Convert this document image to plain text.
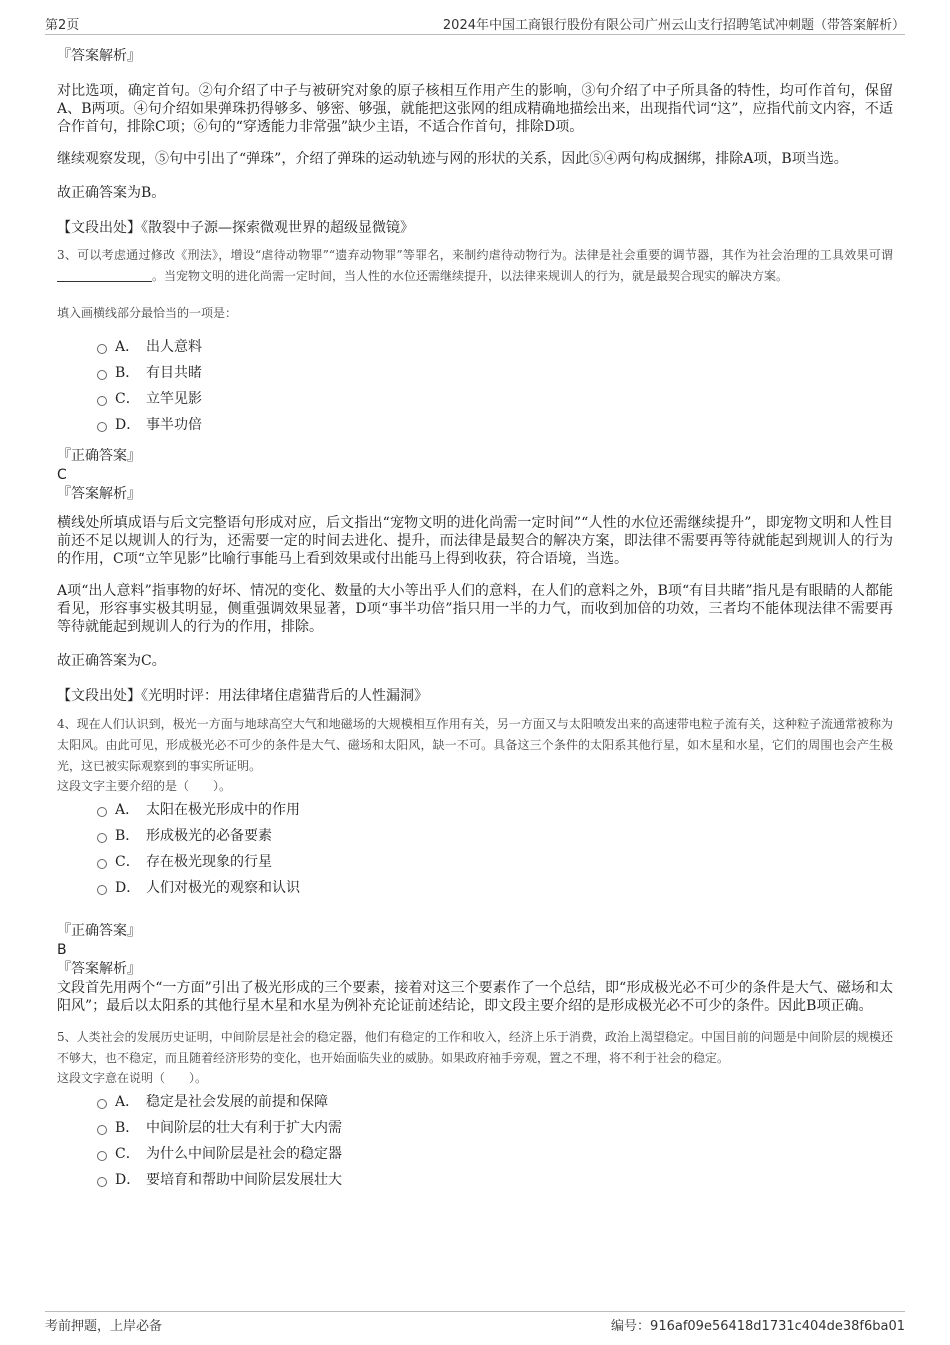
第2页	2024年中国工商银行股份有限公司广州云山支行招聘笔试冲刺题（带答案解析）

『答案解析』

对比选项，确定首句。②句介绍了中子与被研究对象的原子核相互作用产生的影响，③句介绍了中子所具备的特性，均可作首句，保留A、B两项。④句介绍如果弹珠扔得够多、够密、够强，就能把这张网的组成精确地描绘出来，出现指代词“这”，应指代前文内容，不适合作首句，排除C项；⑥句的“穿透能力非常强”缺少主语，不适合作首句，排除D项。

继续观察发现，⑤句中引出了“弹珠”，介绍了弹珠的运动轨迹与网的形状的关系，因此⑤④两句构成捆绑，排除A项，B项当选。

故正确答案为B。

【文段出处】《散裂中子源—探索微观世界的超级显微镜》

3、可以考虑通过修改《刑法》，增设“虐待动物罪”“遗弃动物罪”等罪名，来制约虐待动物行为。法律是社会重要的调节器，其作为社会治理的工具效果可谓。当宠物文明的进化尚需一定时间，当人性的水位还需继续提升，以法律来规训人的行为，就是最契合现实的解决方案。

填入画横线部分最恰当的一项是：

A． 出人意料
B． 有目共睹
C． 立竿见影
D． 事半功倍

『正确答案』

C

『答案解析』

横线处所填成语与后文完整语句形成对应，后文指出“宠物文明的进化尚需一定时间”“人性的水位还需继续提升”，即宠物文明和人性目前还不足以规训人的行为，还需要一定的时间去进化、提升，而法律是最契合的解决方案，即法律不需要再等待就能起到规训人的行为的作用，C项“立竿见影”比喻行事能马上看到效果或付出能马上得到收获，符合语境，当选。

A项“出人意料”指事物的好坏、情况的变化、数量的大小等出乎人们的意料，在人们的意料之外，B项“有目共睹”指凡是有眼睛的人都能看见，形容事实极其明显，侧重强调效果显著，D项“事半功倍”指只用一半的力气，而收到加倍的功效，三者均不能体现法律不需要再等待就能起到规训人的行为的作用，排除。

故正确答案为C。

【文段出处】《光明时评：用法律堵住虐猫背后的人性漏洞》

4、现在人们认识到，极光一方面与地球高空大气和地磁场的大规模相互作用有关，另一方面又与太阳喷发出来的高速带电粒子流有关，这种粒子流通常被称为太阳风。由此可见，形成极光必不可少的条件是大气、磁场和太阳风，缺一不可。具备这三个条件的太阳系其他行星，如木星和水星，它们的周围也会产生极光，这已被实际观察到的事实所证明。

这段文字主要介绍的是（　　）。

A． 太阳在极光形成中的作用
B． 形成极光的必备要素
C． 存在极光现象的行星
D． 人们对极光的观察和认识

『正确答案』

B

『答案解析』

文段首先用两个“一方面”引出了极光形成的三个要素，接着对这三个要素作了一个总结，即“形成极光必不可少的条件是大气、磁场和太阳风”；最后以太阳系的其他行星木星和水星为例补充论证前述结论，即文段主要介绍的是形成极光必不可少的条件。因此B项正确。

5、人类社会的发展历史证明，中间阶层是社会的稳定器，他们有稳定的工作和收入，经济上乐于消费，政治上渴望稳定。中国目前的问题是中间阶层的规模还不够大，也不稳定，而且随着经济形势的变化，也开始面临失业的威胁。如果政府袖手旁观，置之不理，将不利于社会的稳定。

这段文字意在说明（　　）。

A． 稳定是社会发展的前提和保障
B． 中间阶层的壮大有利于扩大内需
C． 为什么中间阶层是社会的稳定器
D． 要培育和帮助中间阶层发展壮大
考前押题，上岸必备	编号：916af09e56418d1731c404de38f6ba01
